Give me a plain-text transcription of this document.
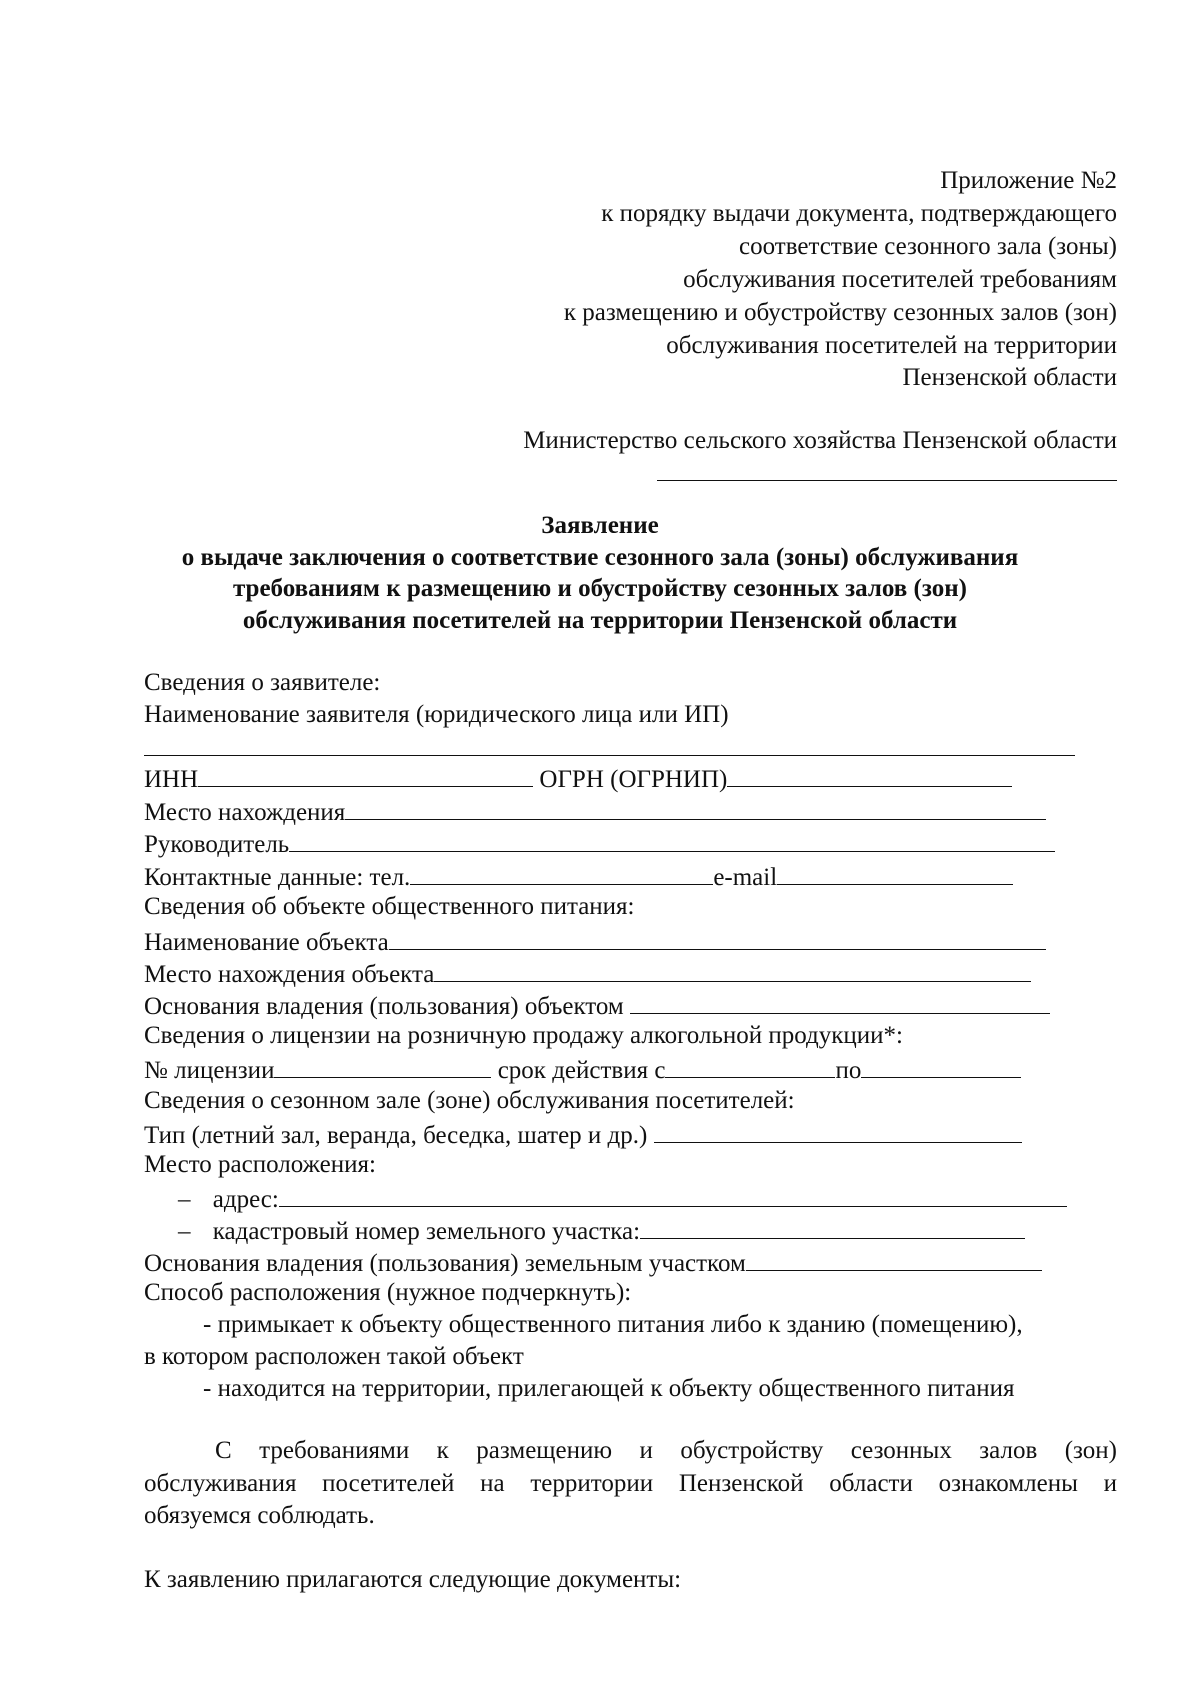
Приложение №2
к порядку выдачи документа, подтверждающего
соответствие сезонного зала (зоны)
обслуживания посетителей требованиям
к размещению и обустройству сезонных залов (зон)
обслуживания посетителей на территории
Пензенской области
Министерство сельского хозяйства Пензенской области
Заявление
о выдаче заключения о соответствие сезонного зала (зоны) обслуживания
требованиям к размещению и обустройству сезонных залов (зон)
обслуживания посетителей на территории Пензенской области
Сведения о заявителе:
Наименование заявителя (юридического лица или ИП)
ИНН	ОГРН (ОГРНИП)
Место нахождения
Руководитель
Контактные данные: тел.	e-mail
Сведения об объекте общественного питания:
Наименование объекта
Место нахождения объекта
Основания владения (пользования) объектом
Сведения о лицензии на розничную продажу алкогольной продукции*:
№ лицензии	срок действия с	по
Сведения о сезонном зале (зоне) обслуживания посетителей:
Тип (летний зал, веранда, беседка, шатер и др.)
Место расположения:
– адрес:
– кадастровый номер земельного участка:
Основания владения (пользования) земельным участком
Способ расположения (нужное подчеркнуть):
- примыкает к объекту общественного питания либо к зданию (помещению),
в котором расположен такой объект
- находится на территории, прилегающей к объекту общественного питания
С требованиями к размещению и обустройству сезонных залов (зон)
обслуживания посетителей на территории Пензенской области ознакомлены и
обязуемся соблюдать.
К заявлению прилагаются следующие документы:
